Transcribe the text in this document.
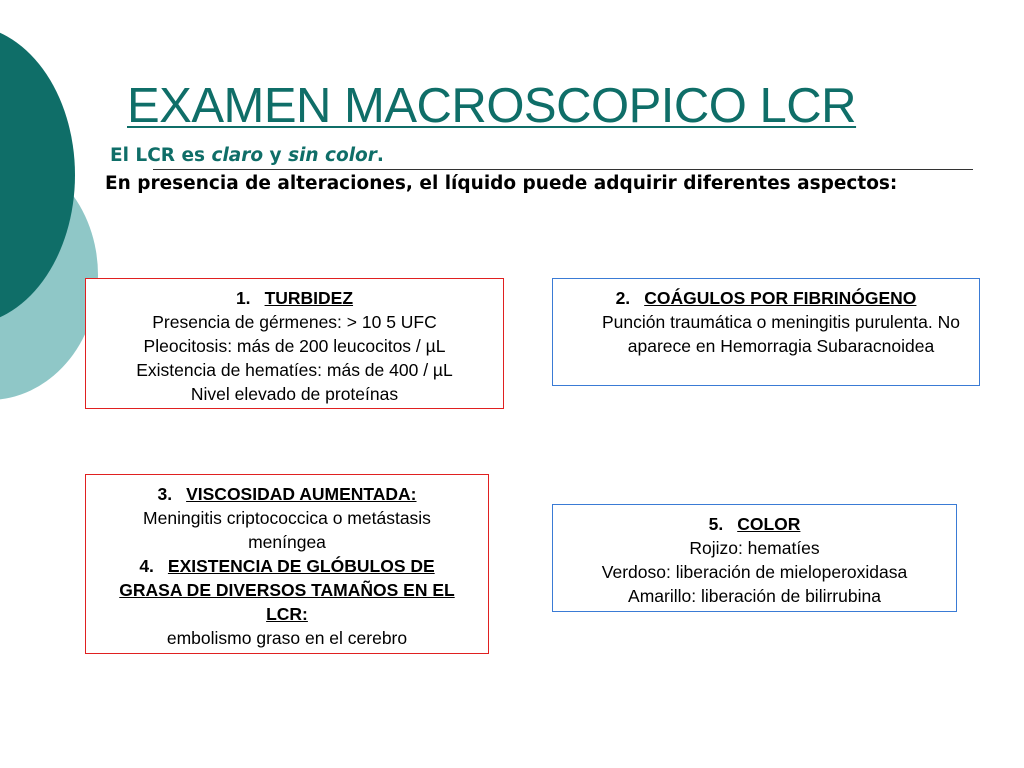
EXAMEN MACROSCOPICO LCR
El LCR es claro y sin color.
En presencia de alteraciones, el líquido puede adquirir diferentes aspectos:
1. TURBIDEZ
Presencia de gérmenes: > 10 5 UFC
Pleocitosis: más de 200 leucocitos / µL
Existencia de hematíes: más de 400 / µL
Nivel elevado de proteínas
2. COÁGULOS POR FIBRINÓGENO
Punción traumática o meningitis purulenta. No aparece en Hemorragia Subaracnoidea
3. VISCOSIDAD AUMENTADA:
Meningitis criptococcica o metástasis meníngea
4. EXISTENCIA DE GLÓBULOS DE GRASA DE DIVERSOS TAMAÑOS EN EL LCR:
embolismo graso en el cerebro
5. COLOR
Rojizo: hematíes
Verdoso: liberación de mieloperoxidasa
Amarillo: liberación de bilirrubina
